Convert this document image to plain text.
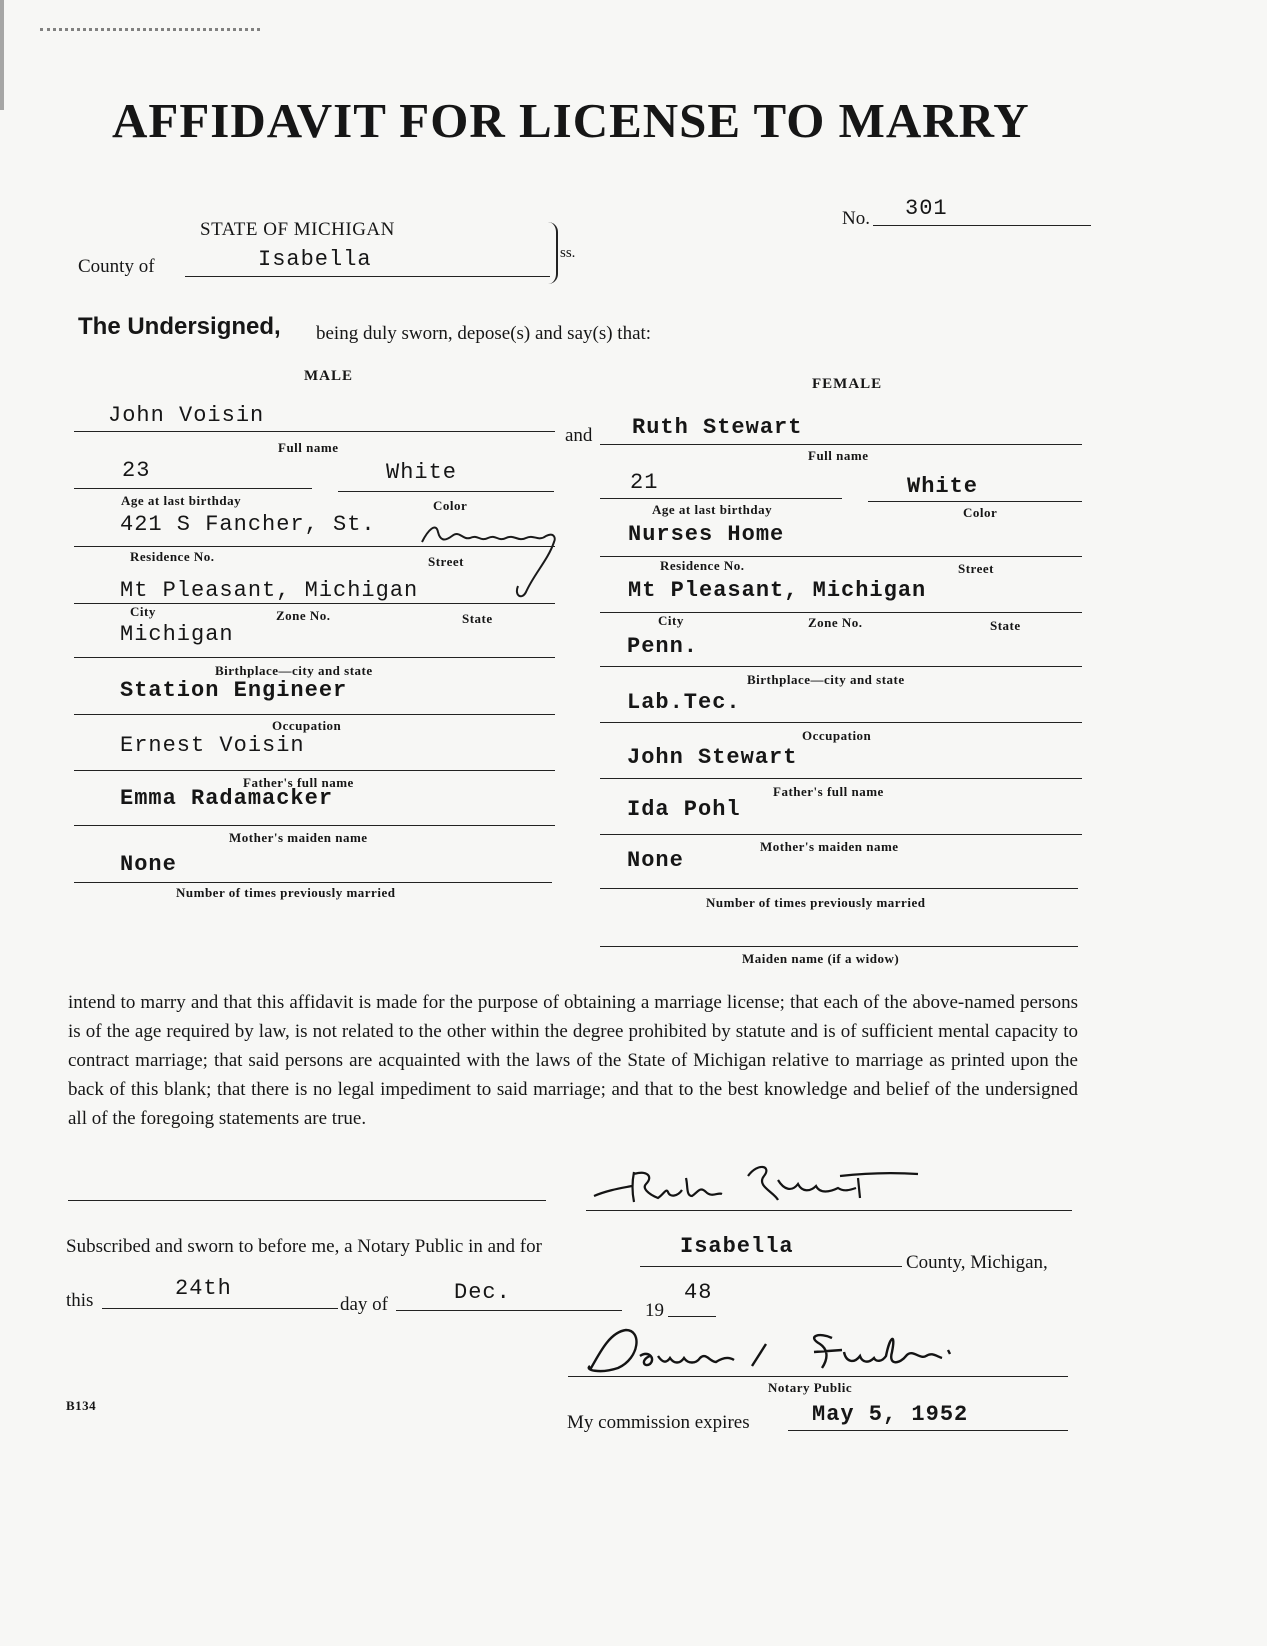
AFFIDAVIT FOR LICENSE TO MARRY
No. 301
STATE OF MICHIGAN
County of	Isabella	ss.
The Undersigned, being duly sworn, depose(s) and say(s) that:
MALE	FEMALE
John Voisin
Full name
and
23	White
Age at last birthday	Color
421 S Fancher, St.
Residence No.	Street
Mt Pleasant, Michigan
City	Zone No.	State
Michigan
Birthplace—city and state
Station Engineer
Occupation
Ernest Voisin
Father's full name
Emma Radamacker
Mother's maiden name
None
Number of times previously married
Ruth Stewart
Full name
21	White
Age at last birthday	Color
Nurses Home
Residence No.	Street
Mt Pleasant, Michigan
City	Zone No.	State
Penn.
Birthplace—city and state
Lab.Tec.
Occupation
John Stewart
Father's full name
Ida Pohl
Mother's maiden name
None
Number of times previously married
Maiden name (if a widow)
intend to marry and that this affidavit is made for the purpose of obtaining a marriage license; that each of the above-named persons is of the age required by law, is not related to the other within the degree prohibited by statute and is of sufficient mental capacity to contract marriage; that said persons are acquainted with the laws of the State of Michigan relative to marriage as printed upon the back of this blank; that there is no legal impediment to said marriage; and that to the best knowledge and belief of the undersigned all of the foregoing statements are true.
Subscribed and sworn to before me, a Notary Public in and for	Isabella
County, Michigan,
this	24th
day of	Dec.
19
48
Notary Public
B134
My commission expires	May 5, 1952
